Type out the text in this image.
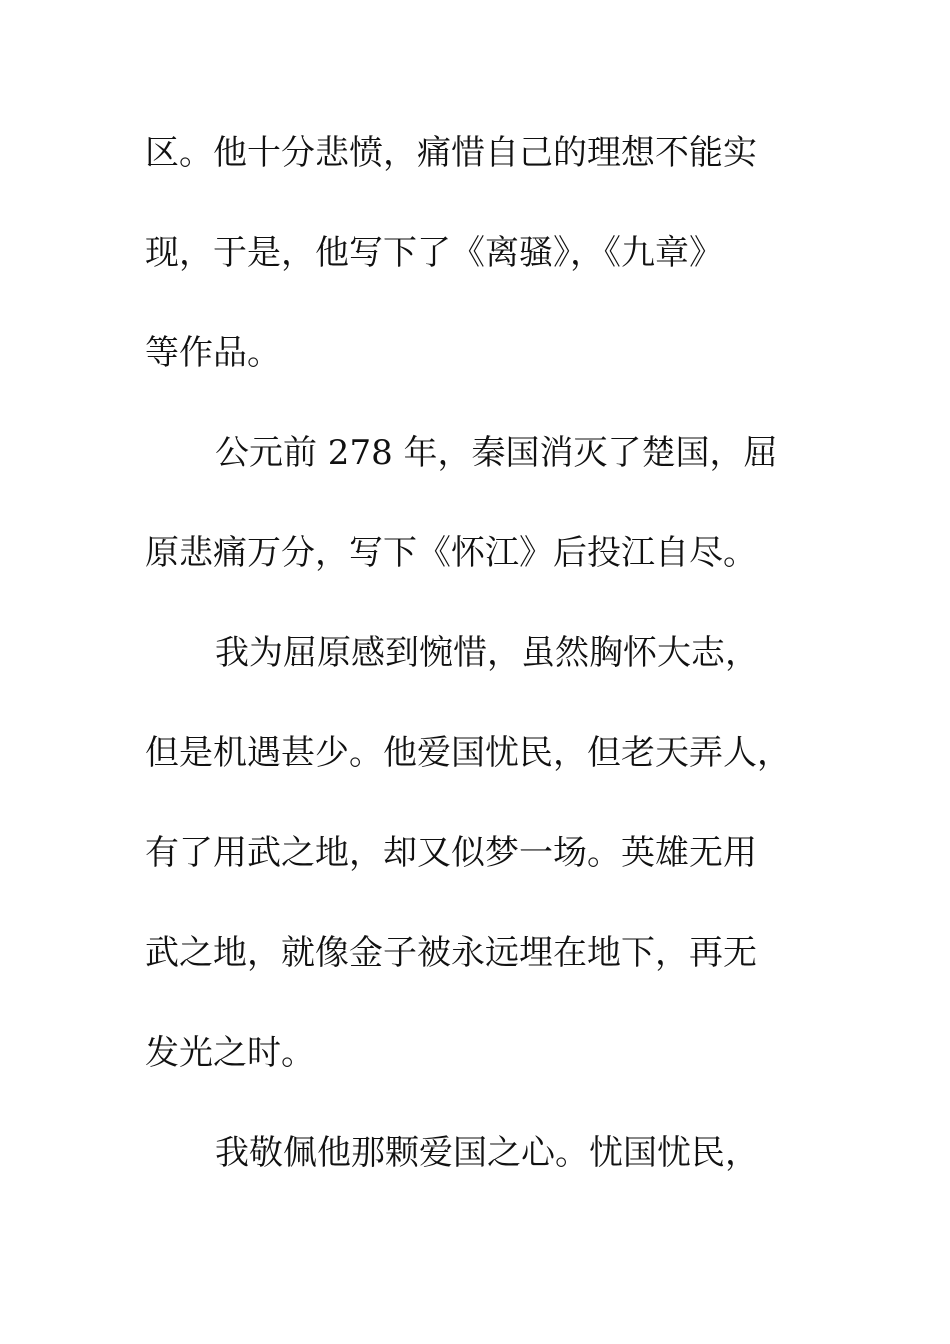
区。他十分悲愤，痛惜自己的理想不能实
现，于是，他写下了《离骚》，《九章》
等作品。
公元前 278 年，秦国消灭了楚国，屈
原悲痛万分，写下《怀江》后投江自尽。
我为屈原感到惋惜，虽然胸怀大志，
但是机遇甚少。他爱国忧民，但老天弄人，
有了用武之地，却又似梦一场。英雄无用
武之地，就像金子被永远埋在地下，再无
发光之时。
我敬佩他那颗爱国之心。忧国忧民，
